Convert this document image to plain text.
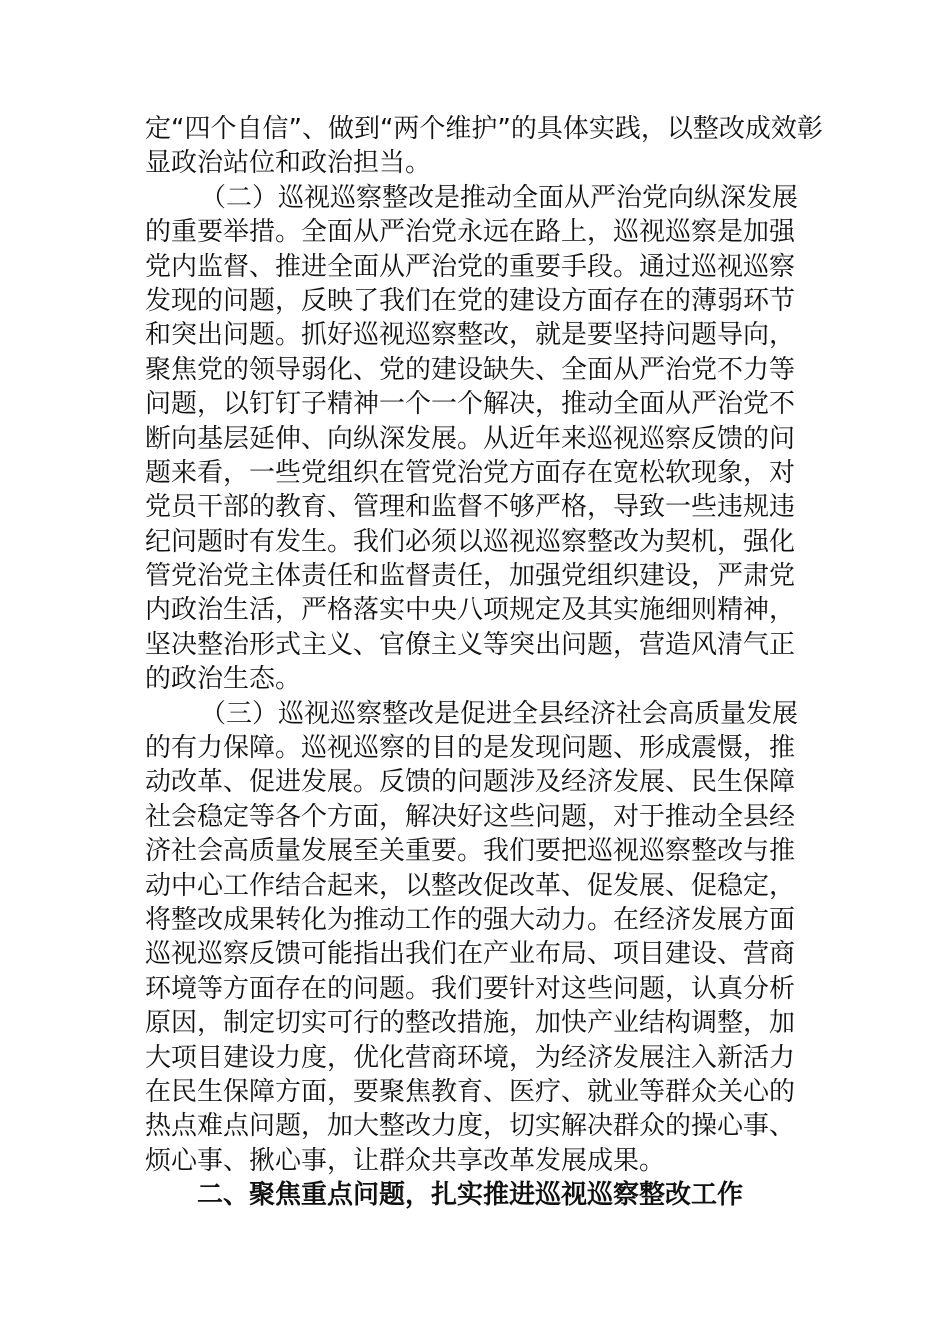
定“四个自信”、做到“两个维护”的具体实践，以整改成效彰
显政治站位和政治担当。
（二）巡视巡察整改是推动全面从严治党向纵深发展
的重要举措。全面从严治党永远在路上，巡视巡察是加强
党内监督、推进全面从严治党的重要手段。通过巡视巡察
发现的问题，反映了我们在党的建设方面存在的薄弱环节
和突出问题。抓好巡视巡察整改，就是要坚持问题导向，
聚焦党的领导弱化、党的建设缺失、全面从严治党不力等
问题，以钉钉子精神一个一个解决，推动全面从严治党不
断向基层延伸、向纵深发展。从近年来巡视巡察反馈的问
题来看，一些党组织在管党治党方面存在宽松软现象，对
党员干部的教育、管理和监督不够严格，导致一些违规违
纪问题时有发生。我们必须以巡视巡察整改为契机，强化
管党治党主体责任和监督责任，加强党组织建设，严肃党
内政治生活，严格落实中央八项规定及其实施细则精神，
坚决整治形式主义、官僚主义等突出问题，营造风清气正
的政治生态。
（三）巡视巡察整改是促进全县经济社会高质量发展
的有力保障。巡视巡察的目的是发现问题、形成震慑，推
动改革、促进发展。反馈的问题涉及经济发展、民生保障
社会稳定等各个方面，解决好这些问题，对于推动全县经
济社会高质量发展至关重要。我们要把巡视巡察整改与推
动中心工作结合起来，以整改促改革、促发展、促稳定，
将整改成果转化为推动工作的强大动力。在经济发展方面
巡视巡察反馈可能指出我们在产业布局、项目建设、营商
环境等方面存在的问题。我们要针对这些问题，认真分析
原因，制定切实可行的整改措施，加快产业结构调整，加
大项目建设力度，优化营商环境，为经济发展注入新活力
在民生保障方面，要聚焦教育、医疗、就业等群众关心的
热点难点问题，加大整改力度，切实解决群众的操心事、
烦心事、揪心事，让群众共享改革发展成果。
二、聚焦重点问题，扎实推进巡视巡察整改工作
